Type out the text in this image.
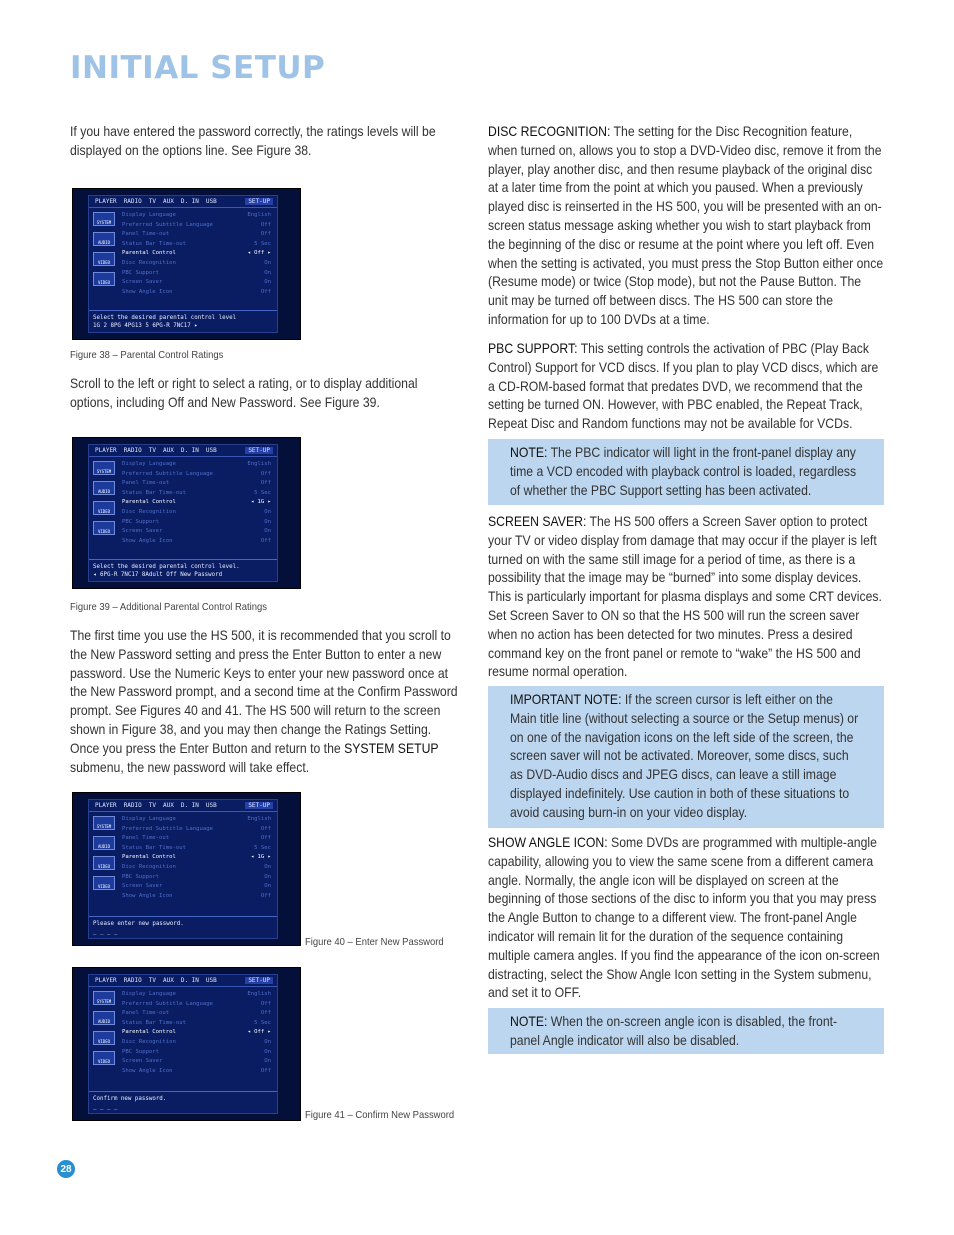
INITIAL SETUP

If you have entered the password correctly, the ratings levels will be displayed on the options line. See Figure 38.

PLAYER RADIO TV AUX D. IN USB	SET-UP
SYSTEM
AUDIO
VIDEO
VIDEO
Display Language	English
Preferred Subtitle Language	Off
Panel Time-out	Off
Status Bar Time-out	5 Sec
Parental Control	◂ Off ▸
Disc Recognition	On
PBC Support	On
Screen Saver	On
Show Angle Icon	Off
Select the desired parental control level
1G 2 8PG 4PG13 5 6PG-R 7NC17 ▸
Figure 38 – Parental Control Ratings

Scroll to the left or right to select a rating, or to display additional options, including Off and New Password. See Figure 39.

PLAYER RADIO TV AUX D. IN USB	SET-UP
SYSTEM
AUDIO
VIDEO
VIDEO
Display Language	English
Preferred Subtitle Language	Off
Panel Time-out	Off
Status Bar Time-out	5 Sec
Parental Control	◂ 1G ▸
Disc Recognition	On
PBC Support	On
Screen Saver	On
Show Angle Icon	Off
Select the desired parental control level.
◂ 6PG-R 7NC17 8Adult Off New Password
Figure 39 – Additional Parental Control Ratings

The first time you use the HS 500, it is recommended that you scroll to the New Password setting and press the Enter Button to enter a new password. Use the Numeric Keys to enter your new password once at the New Password prompt, and a second time at the Confirm Password prompt. See Figures 40 and 41. The HS 500 will return to the screen shown in Figure 38, and you may then change the Ratings Setting. Once you press the Enter Button and return to the SYSTEM SETUP submenu, the new password will take effect.

PLAYER RADIO TV AUX D. IN USB	SET-UP
SYSTEM
AUDIO
VIDEO
VIDEO
Display Language	English
Preferred Subtitle Language	Off
Panel Time-out	Off
Status Bar Time-out	5 Sec
Parental Control	◂ 1G ▸
Disc Recognition	On
PBC Support	On
Screen Saver	On
Show Angle Icon	Off
Please enter new password.
_ _ _ _
Figure 40 – Enter New Password
PLAYER RADIO TV AUX D. IN USB	SET-UP
SYSTEM
AUDIO
VIDEO
VIDEO
Display Language	English
Preferred Subtitle Language	Off
Panel Time-out	Off
Status Bar Time-out	5 Sec
Parental Control	◂ Off ▸
Disc Recognition	On
PBC Support	On
Screen Saver	On
Show Angle Icon	Off
Confirm new password.
_ _ _ _
Figure 41 – Confirm New Password

DISC RECOGNITION: The setting for the Disc Recognition feature, when turned on, allows you to stop a DVD-Video disc, remove it from the player, play another disc, and then resume playback of the original disc at a later time from the point at which you paused. When a previously played disc is reinserted in the HS 500, you will be presented with an on-screen status message asking whether you wish to start playback from the beginning of the disc or resume at the point where you left off. Even when the setting is activated, you must press the Stop Button either once (Resume mode) or twice (Stop mode), but not the Pause Button. The unit may be turned off between discs. The HS 500 can store the information for up to 100 DVDs at a time.

PBC SUPPORT: This setting controls the activation of PBC (Play Back Control) Support for VCD discs. If you plan to play VCD discs, which are a CD-ROM-based format that predates DVD, we recommend that the setting be turned ON. However, with PBC enabled, the Repeat Track, Repeat Disc and Random functions may not be available for VCDs.

NOTE: The PBC indicator will light in the front-panel display any time a VCD encoded with playback control is loaded, regardless of whether the PBC Support setting has been activated.

SCREEN SAVER: The HS 500 offers a Screen Saver option to protect your TV or video display from damage that may occur if the player is left turned on with the same still image for a period of time, as there is a possibility that the image may be “burned” into some display devices. This is particularly important for plasma displays and some CRT devices. Set Screen Saver to ON so that the HS 500 will run the screen saver when no action has been detected for two minutes. Press a desired command key on the front panel or remote to “wake” the HS 500 and resume normal operation.

IMPORTANT NOTE: If the screen cursor is left either on the Main title line (without selecting a source or the Setup menus) or on one of the navigation icons on the left side of the screen, the screen saver will not be activated. Moreover, some discs, such as DVD-Audio discs and JPEG discs, can leave a still image displayed indefinitely. Use caution in both of these situations to avoid causing burn-in on your video display.

SHOW ANGLE ICON: Some DVDs are programmed with multiple-angle capability, allowing you to view the same scene from a different camera angle. Normally, the angle icon will be displayed on screen at the beginning of those sections of the disc to inform you that you may press the Angle Button to change to a different view. The front-panel Angle indicator will remain lit for the duration of the sequence containing multiple camera angles. If you find the appearance of the icon on-screen distracting, select the Show Angle Icon setting in the System submenu, and set it to OFF.

NOTE: When the on-screen angle icon is disabled, the front-panel Angle indicator will also be disabled.

28
